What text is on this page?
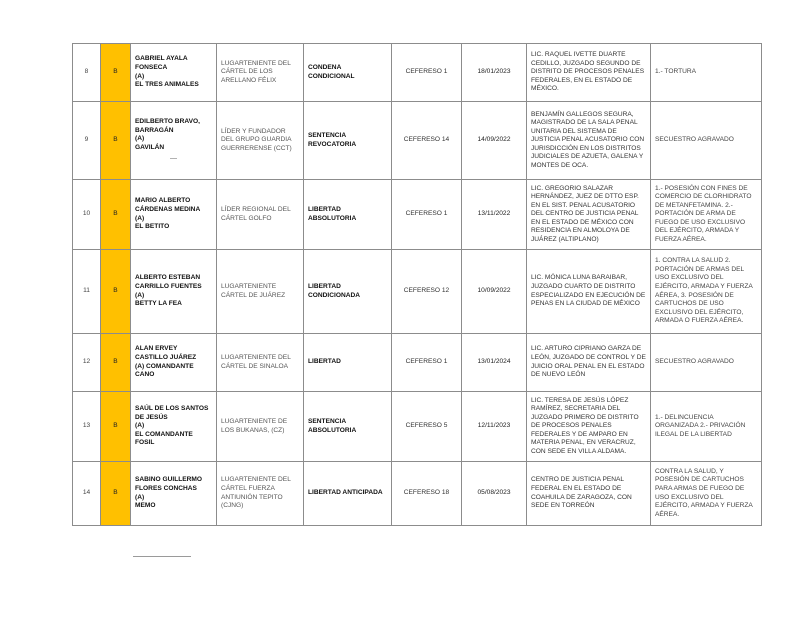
8	B	GABRIEL AYALA FONSECA
(A)
EL TRES ANIMALES	LUGARTENIENTE DEL CÁRTEL DE LOS ARELLANO FÉLIX	CONDENA CONDICIONAL	CEFERESO 1	18/01/2023	LIC. RAQUEL IVETTE DUARTE CEDILLO, JUZGADO SEGUNDO DE DISTRITO DE PROCESOS PENALES FEDERALES, EN EL ESTADO DE MÉXICO.	1.- TORTURA
9	B	EDILBERTO BRAVO, BARRAGÁN
(A)
GAVILÁN
—	LÍDER Y FUNDADOR DEL GRUPO GUARDIA GUERRERENSE (CCT)	SENTENCIA REVOCATORIA	CEFERESO 14	14/09/2022	BENJAMÍN GALLEGOS SEGURA, MAGISTRADO DE LA SALA PENAL UNITARIA DEL SISTEMA DE JUSTICIA PENAL ACUSATORIO CON JURISDICCIÓN EN LOS DISTRITOS JUDICIALES DE AZUETA, GALENA Y MONTES DE OCA.	SECUESTRO AGRAVADO
10	B	MARIO ALBERTO CÁRDENAS MEDINA
(A)
EL BETITO	LÍDER REGIONAL DEL CÁRTEL GOLFO	LIBERTAD ABSOLUTORIA	CEFERESO 1	13/11/2022	LIC. GREGORIO SALAZAR HERNÁNDEZ, JUEZ DE DTTO ESP. EN EL SIST. PENAL ACUSATORIO DEL CENTRO DE JUSTICIA PENAL EN EL ESTADO DE MÉXICO CON RESIDENCIA EN ALMOLOYA DE JUÁREZ (ALTIPLANO)	1.- POSESIÓN CON FINES DE COMERCIO DE CLORHIDRATO DE METANFETAMINA. 2.- PORTACIÓN DE ARMA DE FUEGO DE USO EXCLUSIVO DEL EJÉRCITO, ARMADA Y FUERZA AÉREA.
11	B	ALBERTO ESTEBAN CARRILLO FUENTES
(A)
BETTY LA FEA	LUGARTENIENTE CÁRTEL DE JUÁREZ	LIBERTAD CONDICIONADA	CEFERESO 12	10/09/2022	LIC. MÓNICA LUNA BARAIBAR, JUZGADO CUARTO DE DISTRITO ESPECIALIZADO EN EJECUCIÓN DE PENAS EN LA CIUDAD DE MÉXICO	1. CONTRA LA SALUD 2. PORTACIÓN DE ARMAS DEL USO EXCLUSIVO DEL EJÉRCITO, ARMADA Y FUERZA AÉREA, 3. POSESIÓN DE CARTUCHOS DE USO EXCLUSIVO DEL EJÉRCITO, ARMADA O FUERZA AÉREA.
12	B	ALAN ERVEY CASTILLO JUÁREZ
(A) COMANDANTE CANO	LUGARTENIENTE DEL CÁRTEL DE SINALOA	LIBERTAD	CEFERESO 1	13/01/2024	LIC. ARTURO CIPRIANO GARZA DE LEÓN, JUZGADO DE CONTROL Y DE JUICIO ORAL PENAL EN EL ESTADO DE NUEVO LEÓN	SECUESTRO AGRAVADO
13	B	SAÚL DE LOS SANTOS DE JESÚS
(A)
EL COMANDANTE FOSIL	LUGARTENIENTE DE LOS BUKANAS, (CZ)	SENTENCIA ABSOLUTORIA	CEFERESO 5	12/11/2023	LIC. TERESA DE JESÚS LÓPEZ RAMÍREZ, SECRETARIA DEL JUZGADO PRIMERO DE DISTRITO DE PROCESOS PENALES FEDERALES Y DE AMPARO EN MATERIA PENAL, EN VERACRUZ, CON SEDE EN VILLA ALDAMA.	1.- DELINCUENCIA ORGANIZADA 2.- PRIVACIÓN ILEGAL DE LA LIBERTAD
14	B	SABINO GUILLERMO FLORES CONCHAS
(A)
MEMO	LUGARTENIENTE DEL CÁRTEL FUERZA ANTIUNIÓN TEPITO (CJNG)	LIBERTAD ANTICIPADA	CEFERESO 18	05/08/2023	CENTRO DE JUSTICIA PENAL FEDERAL EN EL ESTADO DE COAHUILA DE ZARAGOZA, CON SEDE EN TORREÓN	CONTRA LA SALUD, Y POSESIÓN DE CARTUCHOS PARA ARMAS DE FUEGO DE USO EXCLUSIVO DEL EJÉRCITO, ARMADA Y FUERZA AÉREA.
